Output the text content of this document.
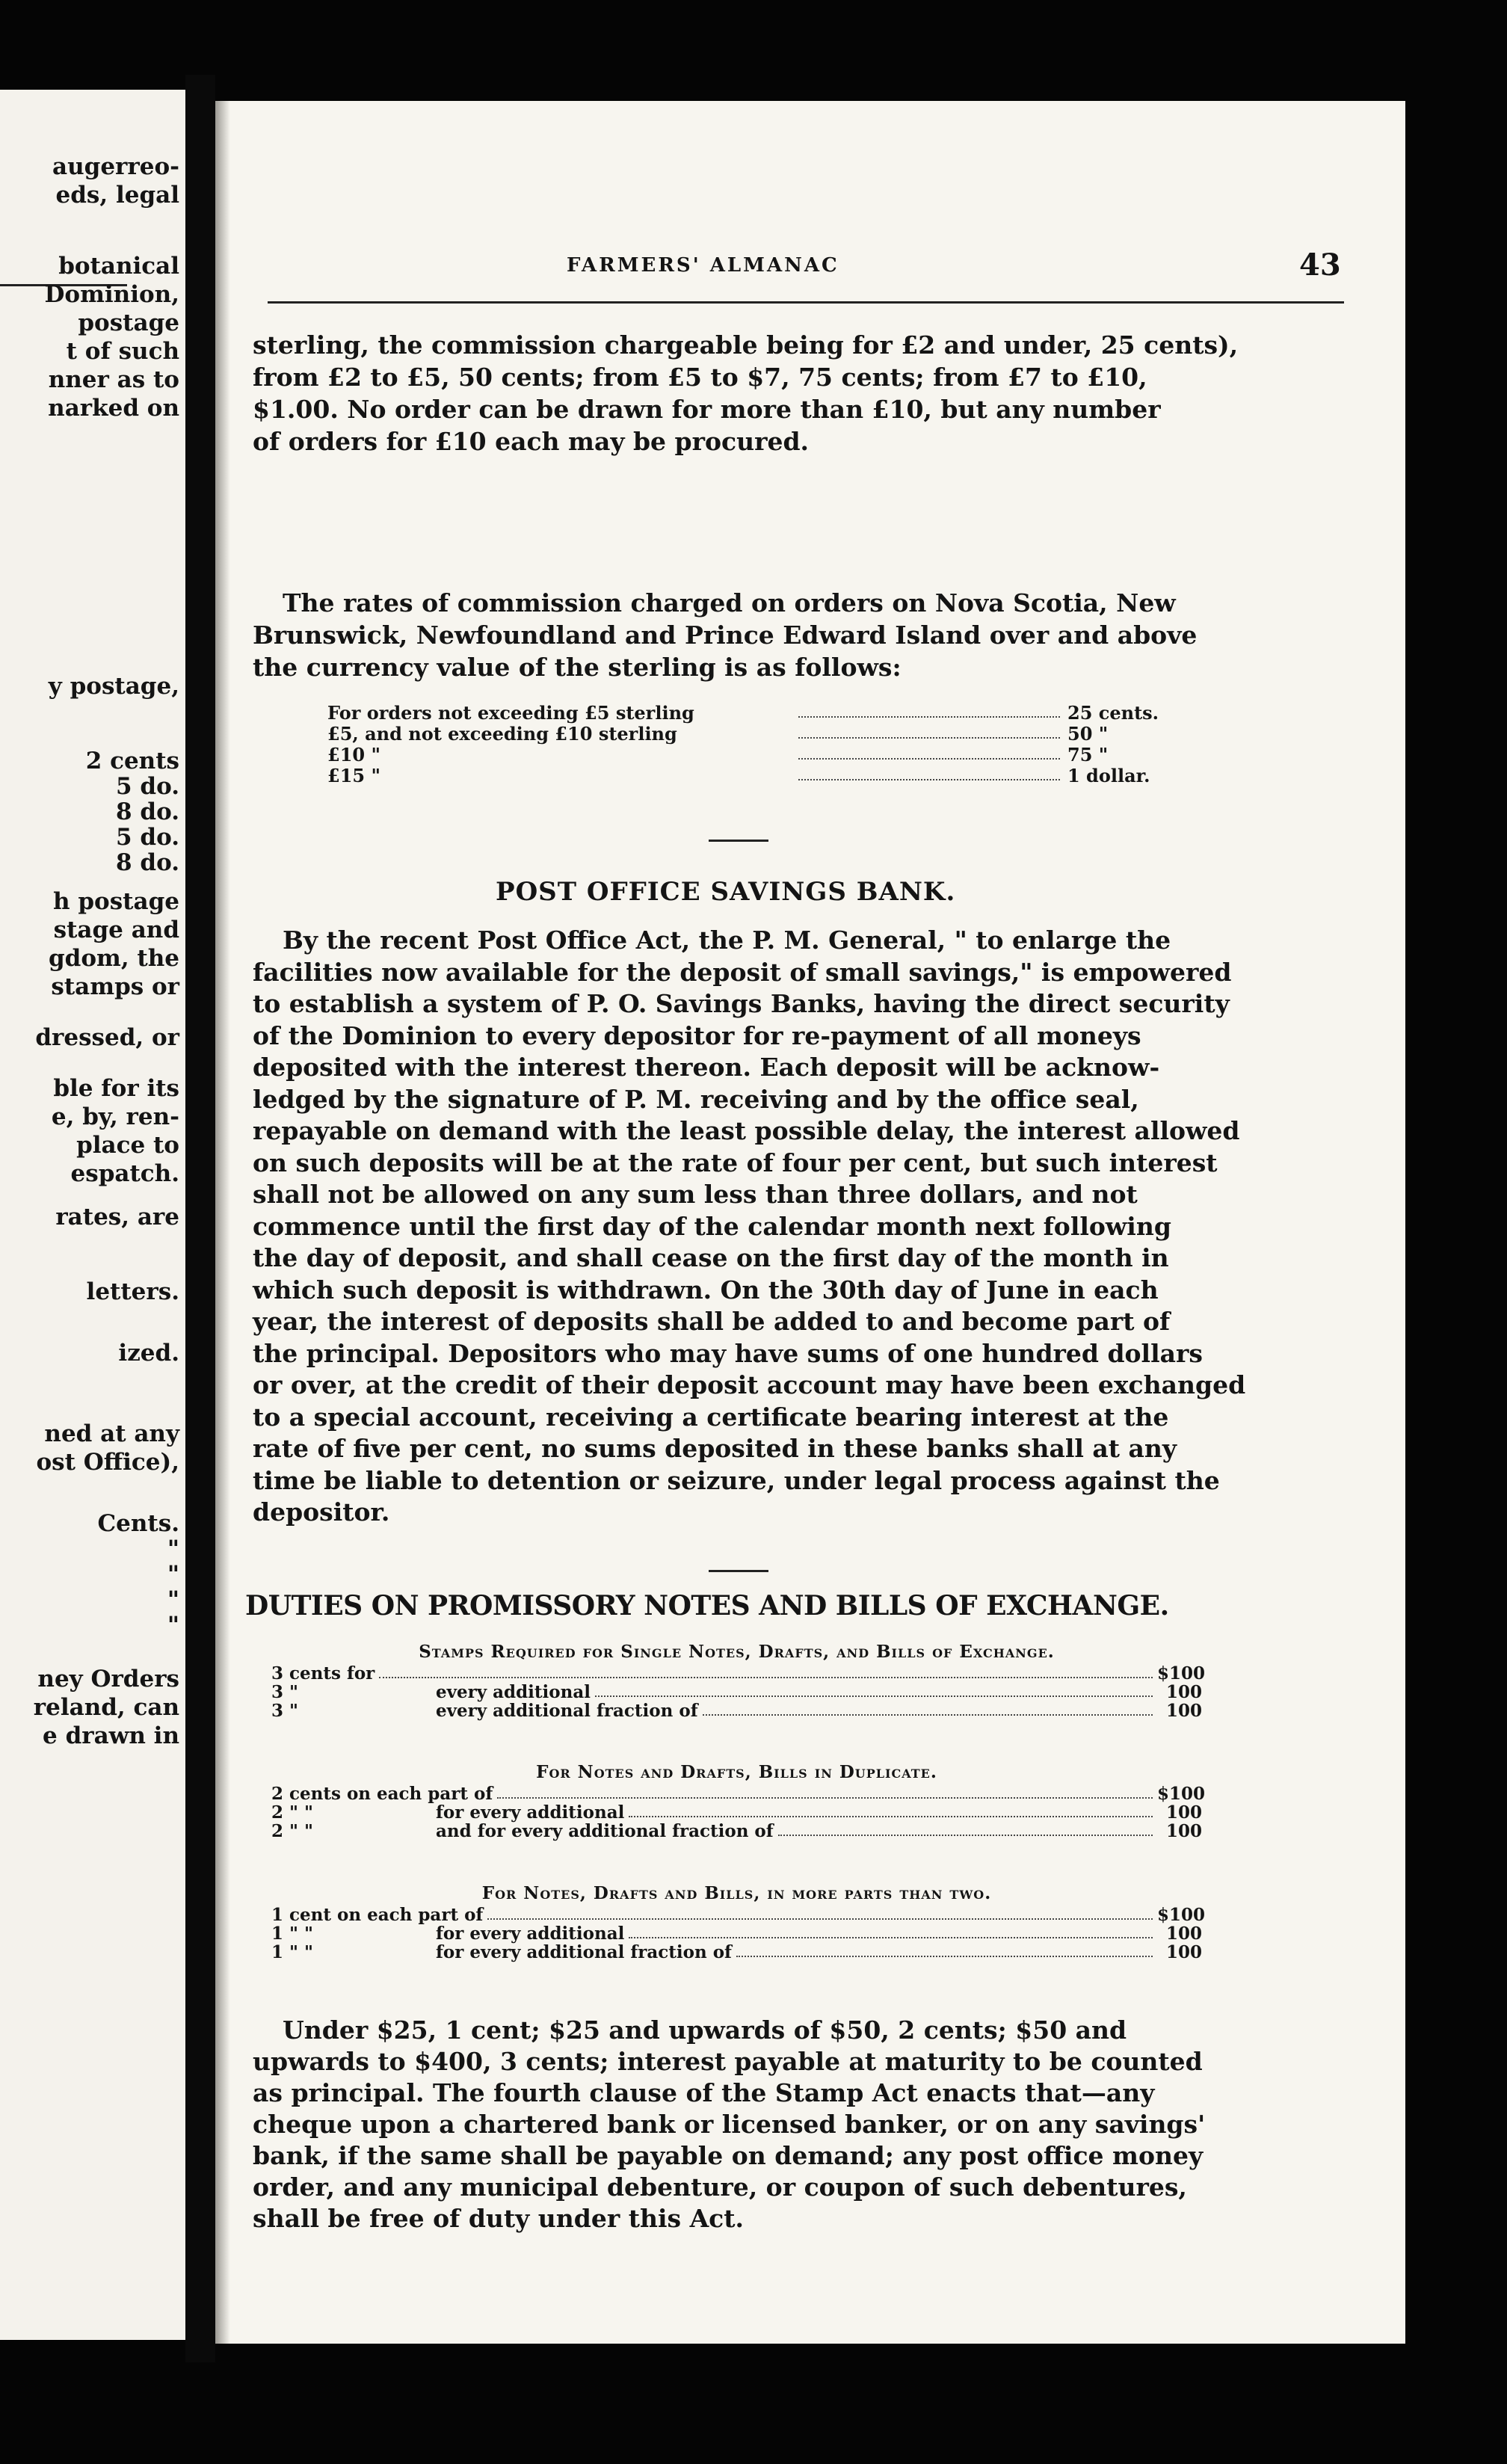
augerreo-
eds, legal
botanical
Dominion,
postage
t of such
nner as to
narked on
y postage,
2 cents
5 do.
8 do.
5 do.
8 do.
h postage
stage and
gdom, the
stamps or
dressed, or
ble for its
e, by, ren-
place to
espatch.
rates, are
letters.
ized.
ned at any
ost Office),
Cents.
"
"
"
"
ney Orders
reland, can
e drawn in
FARMERS' ALMANAC	43
sterling, the commission chargeable being for £2 and under, 25 cents),
from £2 to £5, 50 cents; from £5 to $7, 75 cents; from £7 to £10,
$1.00. No order can be drawn for more than £10, but any number
of orders for £10 each may be procured.
The rates of commission charged on orders on Nova Scotia, New
Brunswick, Newfoundland and Prince Edward Island over and above
the currency value of the sterling is as follows:
For orders not exceeding £5 sterling	25 cents.
£5, and not exceeding £10 sterling	50 "
£10 "	75 "
£15 "	1 dollar.
POST OFFICE SAVINGS BANK.
By the recent Post Office Act, the P. M. General, " to enlarge the
facilities now available for the deposit of small savings," is empowered
to establish a system of P. O. Savings Banks, having the direct security
of the Dominion to every depositor for re-payment of all moneys
deposited with the interest thereon. Each deposit will be acknow-
ledged by the signature of P. M. receiving and by the office seal,
repayable on demand with the least possible delay, the interest allowed
on such deposits will be at the rate of four per cent, but such interest
shall not be allowed on any sum less than three dollars, and not
commence until the first day of the calendar month next following
the day of deposit, and shall cease on the first day of the month in
which such deposit is withdrawn. On the 30th day of June in each
year, the interest of deposits shall be added to and become part of
the principal. Depositors who may have sums of one hundred dollars
or over, at the credit of their deposit account may have been exchanged
to a special account, receiving a certificate bearing interest at the
rate of five per cent, no sums deposited in these banks shall at any
time be liable to detention or seizure, under legal process against the
depositor.
DUTIES ON PROMISSORY NOTES AND BILLS OF EXCHANGE.
Stamps Required for Single Notes, Drafts, and Bills of Exchange.
3 cents for	$100
3 "	every additional	100
3 "	every additional fraction of	100
For Notes and Drafts, Bills in Duplicate.
2 cents on each part of	$100
2 " "	for every additional	100
2 " "	and for every additional fraction of	100
For Notes, Drafts and Bills, in more parts than two.
1 cent on each part of	$100
1 " "	for every additional	100
1 " "	for every additional fraction of	100
Under $25, 1 cent; $25 and upwards of $50, 2 cents; $50 and
upwards to $400, 3 cents; interest payable at maturity to be counted
as principal. The fourth clause of the Stamp Act enacts that—any
cheque upon a chartered bank or licensed banker, or on any savings'
bank, if the same shall be payable on demand; any post office money
order, and any municipal debenture, or coupon of such debentures,
shall be free of duty under this Act.
